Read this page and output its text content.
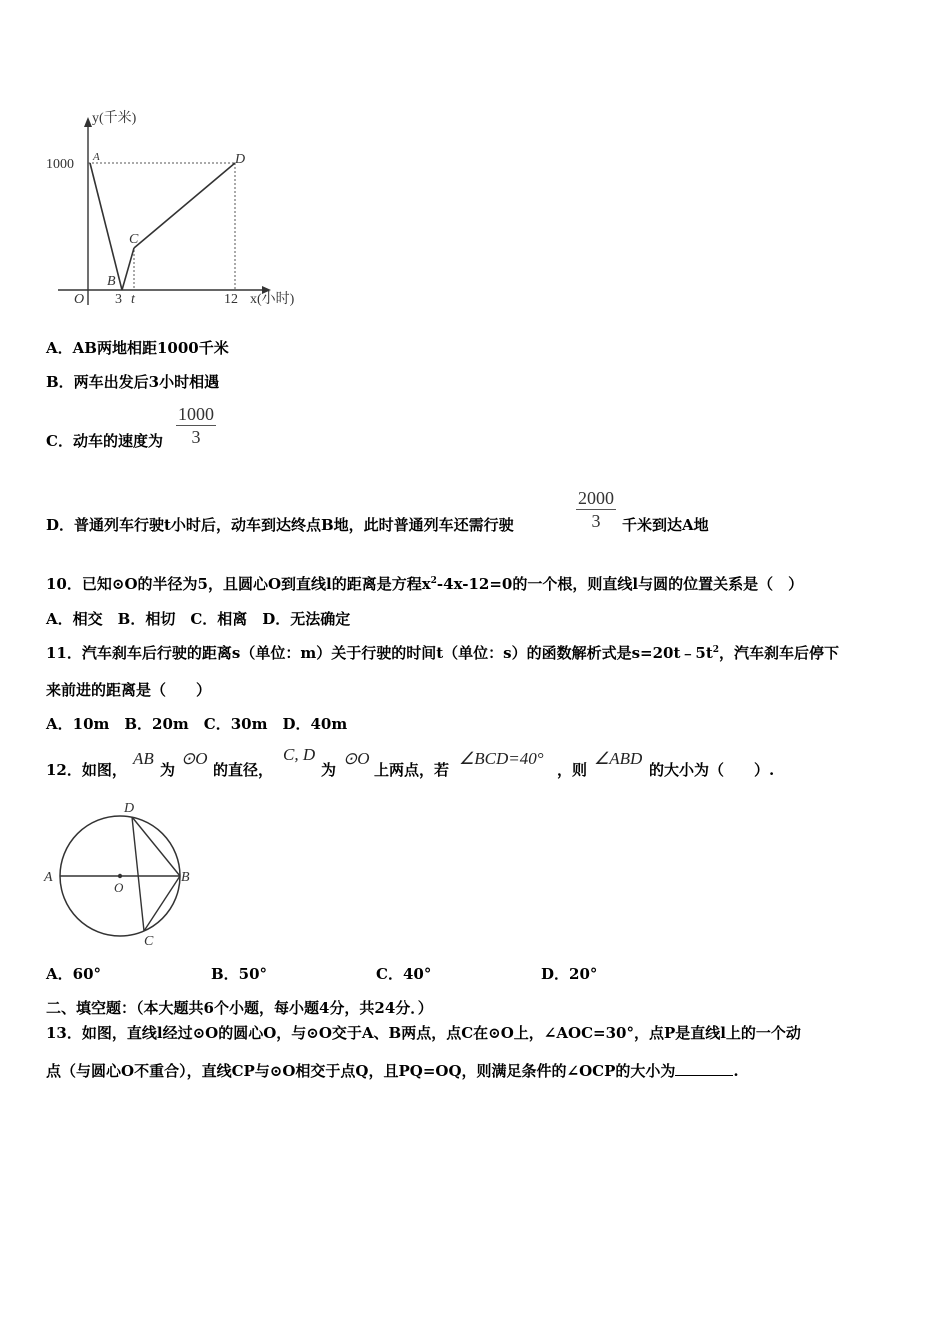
y(千米)
1000 A
B
C
D
O 3 t	12 x(小时)
A．AB两地相距1000千米
B．两车出发后3小时相遇
C．动车的速度为 $\frac{1000}{3}$
D．普通列车行驶t小时后，动车到达终点B地，此时普通列车还需行驶	$\frac{2000}{3}$ 千米到达A地
10．已知⊙O的半径为5，且圆心O到直线l的距离是方程$x^2-4x-12=0$的一个根，则直线l与圆的位置关系是（　）
A．相交　B．相切　C．相离　D．无法确定
11．汽车刹车后行驶的距离s（单位：m）关于行驶的时间t（单位：s）的函数解析式是$s=20t﹣5t^2$，汽车刹车后停下
来前进的距离是（　　）
A．10m　B．20m　C．30m　D．40m
12．如图，
AB
为
⊙O
的直径，
C, D
为
⊙O
上两点，若
∠BCD=40°
，则
∠ABD
的大小为（　　）.
A
O
B
C
D
A．60°	B．50°	C．40°	D．20°
二、填空题：（本大题共6个小题，每小题4分，共24分．）
13．如图，直线l经过⊙O的圆心O，与⊙O交于A、B两点，点C在⊙O上，∠AOC=30°，点P是直线l上的一个动
点（与圆心O不重合），直线CP与⊙O相交于点Q，且PQ=OQ，则满足条件的∠OCP的大小为	.
